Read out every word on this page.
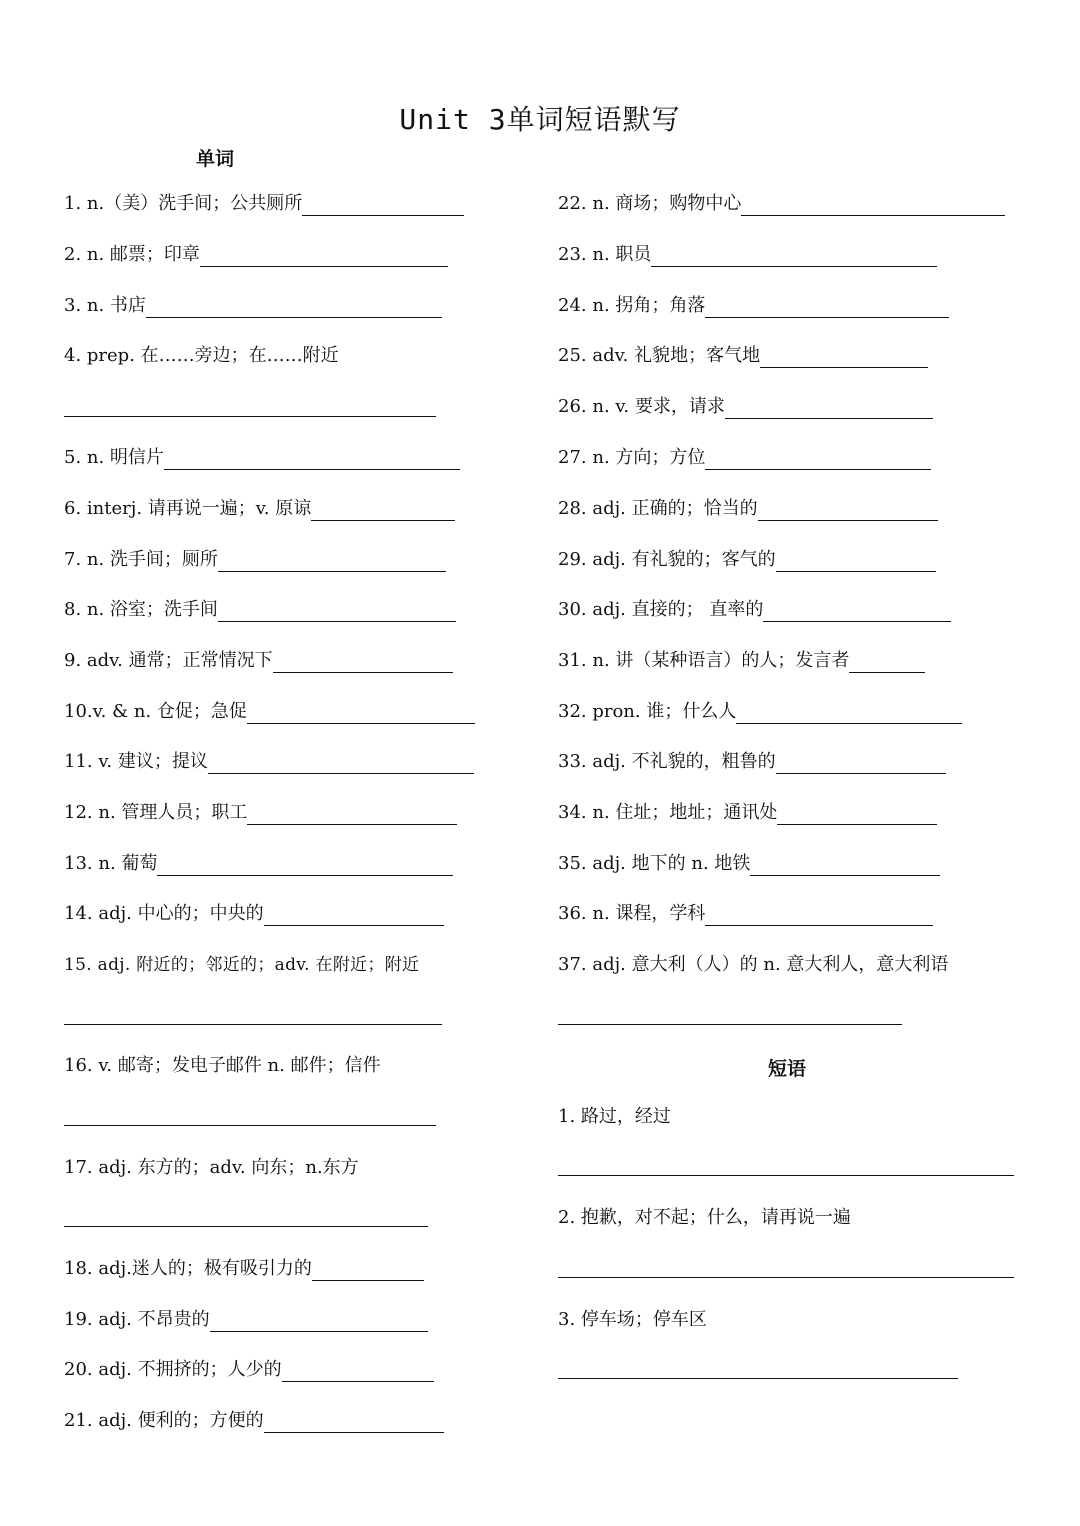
Unit 3单词短语默写
单词
短语
1. n.（美）洗手间；公共厕所
2. n. 邮票；印章
3. n. 书店
4. prep. 在……旁边；在……附近
5. n. 明信片
6. interj. 请再说一遍；v. 原谅
7. n. 洗手间；厕所
8. n. 浴室；洗手间
9. adv. 通常；正常情况下
10.v. & n. 仓促；急促
11. v. 建议；提议
12. n. 管理人员；职工
13. n. 葡萄
14. adj. 中心的；中央的
15. adj. 附近的；邻近的；adv. 在附近；附近
16. v. 邮寄；发电子邮件 n. 邮件；信件
17. adj. 东方的；adv. 向东；n.东方
18. adj.迷人的；极有吸引力的
19. adj. 不昂贵的
20. adj. 不拥挤的；人少的
21. adj. 便利的；方便的
22. n. 商场；购物中心
23. n. 职员
24. n. 拐角；角落
25. adv. 礼貌地；客气地
26. n. v. 要求，请求
27. n. 方向；方位
28. adj. 正确的；恰当的
29. adj. 有礼貌的；客气的
30. adj. 直接的； 直率的
31. n. 讲（某种语言）的人；发言者
32. pron. 谁；什么人
33. adj. 不礼貌的，粗鲁的
34. n. 住址；地址；通讯处
35. adj. 地下的 n. 地铁
36. n. 课程，学科
37. adj. 意大利（人）的 n. 意大利人，意大利语
1. 路过，经过
2. 抱歉，对不起；什么，请再说一遍
3. 停车场；停车区
